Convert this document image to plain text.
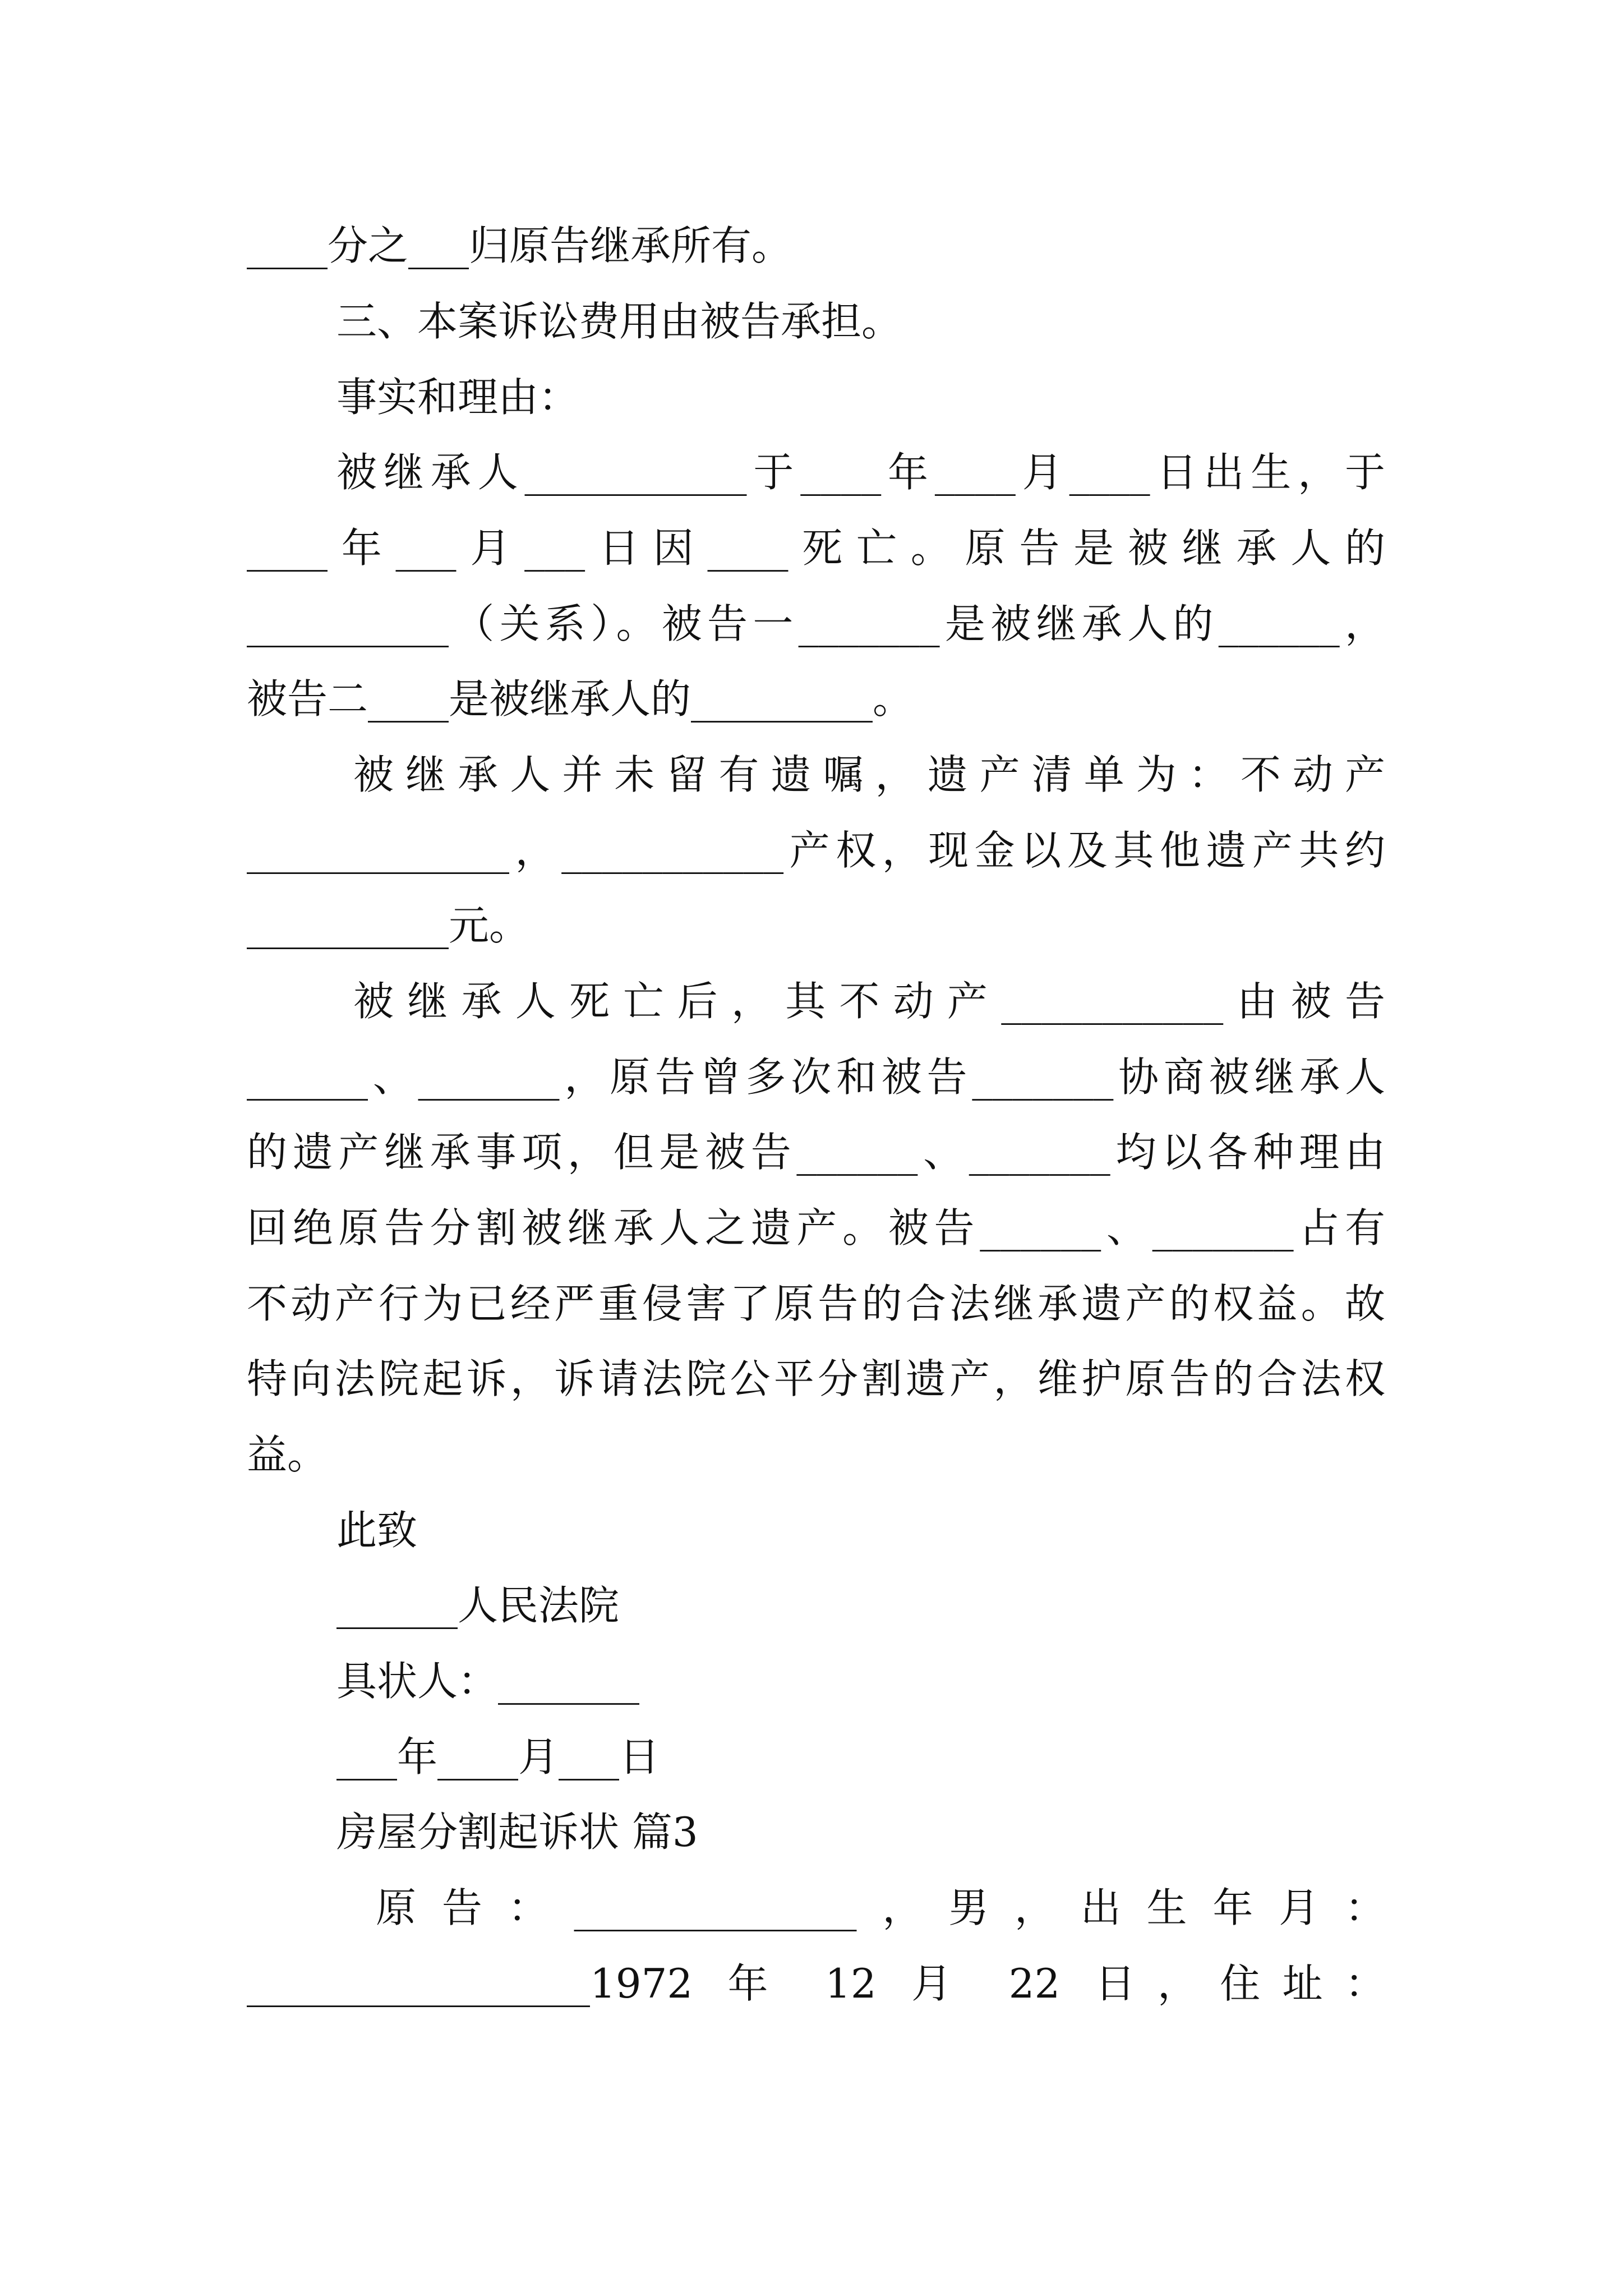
____分之___归原告继承所有。
三、本案诉讼费用由被告承担。
事实和理由：
被继承人___________于____年____月____日出生，于
____年___月___日因____死亡。原告是被继承人的
__________（关系）。被告一_______是被继承人的______，
被告二____是被继承人的_________。
被继承人并未留有遗嘱，遗产清单为：不动产
_____________，___________产权，现金以及其他遗产共约
__________元。
被继承人死亡后，其不动产___________由被告
______、_______，原告曾多次和被告_______协商被继承人
的遗产继承事项，但是被告______、_______均以各种理由
回绝原告分割被继承人之遗产。被告______、_______占有
不动产行为已经严重侵害了原告的合法继承遗产的权益。故
特向法院起诉，诉请法院公平分割遗产，维护原告的合法权
益。
此致
______人民法院
具状人：_______
___年____月___日
房屋分割起诉状 篇3
原告：______________，男，出生年月：
_________________1972 年 12 月 22 日，住址：
